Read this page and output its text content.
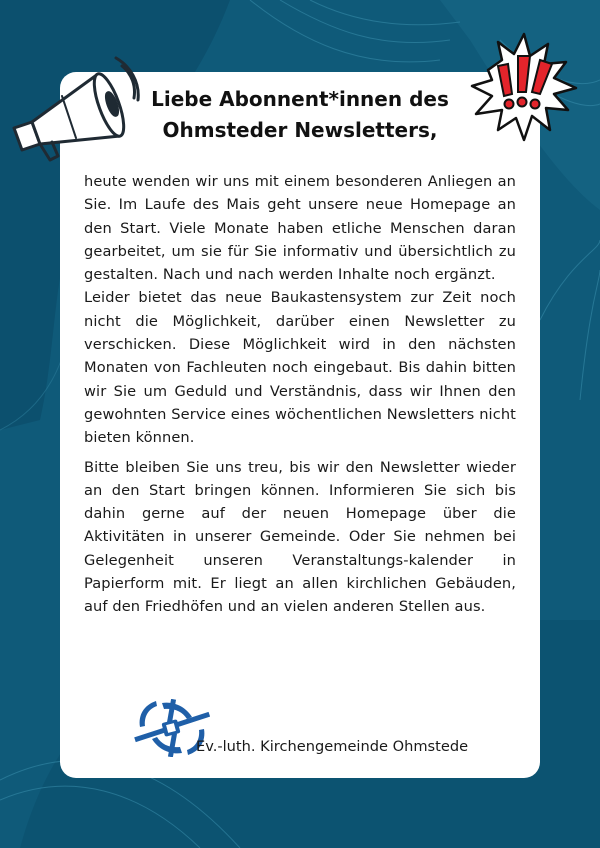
Liebe Abonnent*innen des
Ohmsteder Newsletters,

heute wenden wir uns mit einem besonderen Anliegen an Sie. Im Laufe des Mais geht unsere neue Homepage an den Start. Viele Monate haben etliche Menschen daran gearbeitet, um sie für Sie informativ und übersichtlich zu gestalten. Nach und nach werden Inhalte noch ergänzt.

Leider bietet das neue Baukastensystem zur Zeit noch nicht die Möglichkeit, darüber einen Newsletter zu verschicken. Diese Möglichkeit wird in den nächsten Monaten von Fachleuten noch eingebaut. Bis dahin bitten wir Sie um Geduld und Verständnis, dass wir Ihnen den gewohnten Service eines wöchentlichen Newsletters nicht bieten können.

Bitte bleiben Sie uns treu, bis wir den Newsletter wieder an den Start bringen können. Informieren Sie sich bis dahin gerne auf der neuen Homepage über die Aktivitäten in unserer Gemeinde. Oder Sie nehmen bei Gelegenheit unseren Veranstaltungs-kalender in Papierform mit. Er liegt an allen kirchlichen Gebäuden, auf den Friedhöfen und an vielen anderen Stellen aus.

Ev.-luth. Kirchengemeinde Ohmstede
